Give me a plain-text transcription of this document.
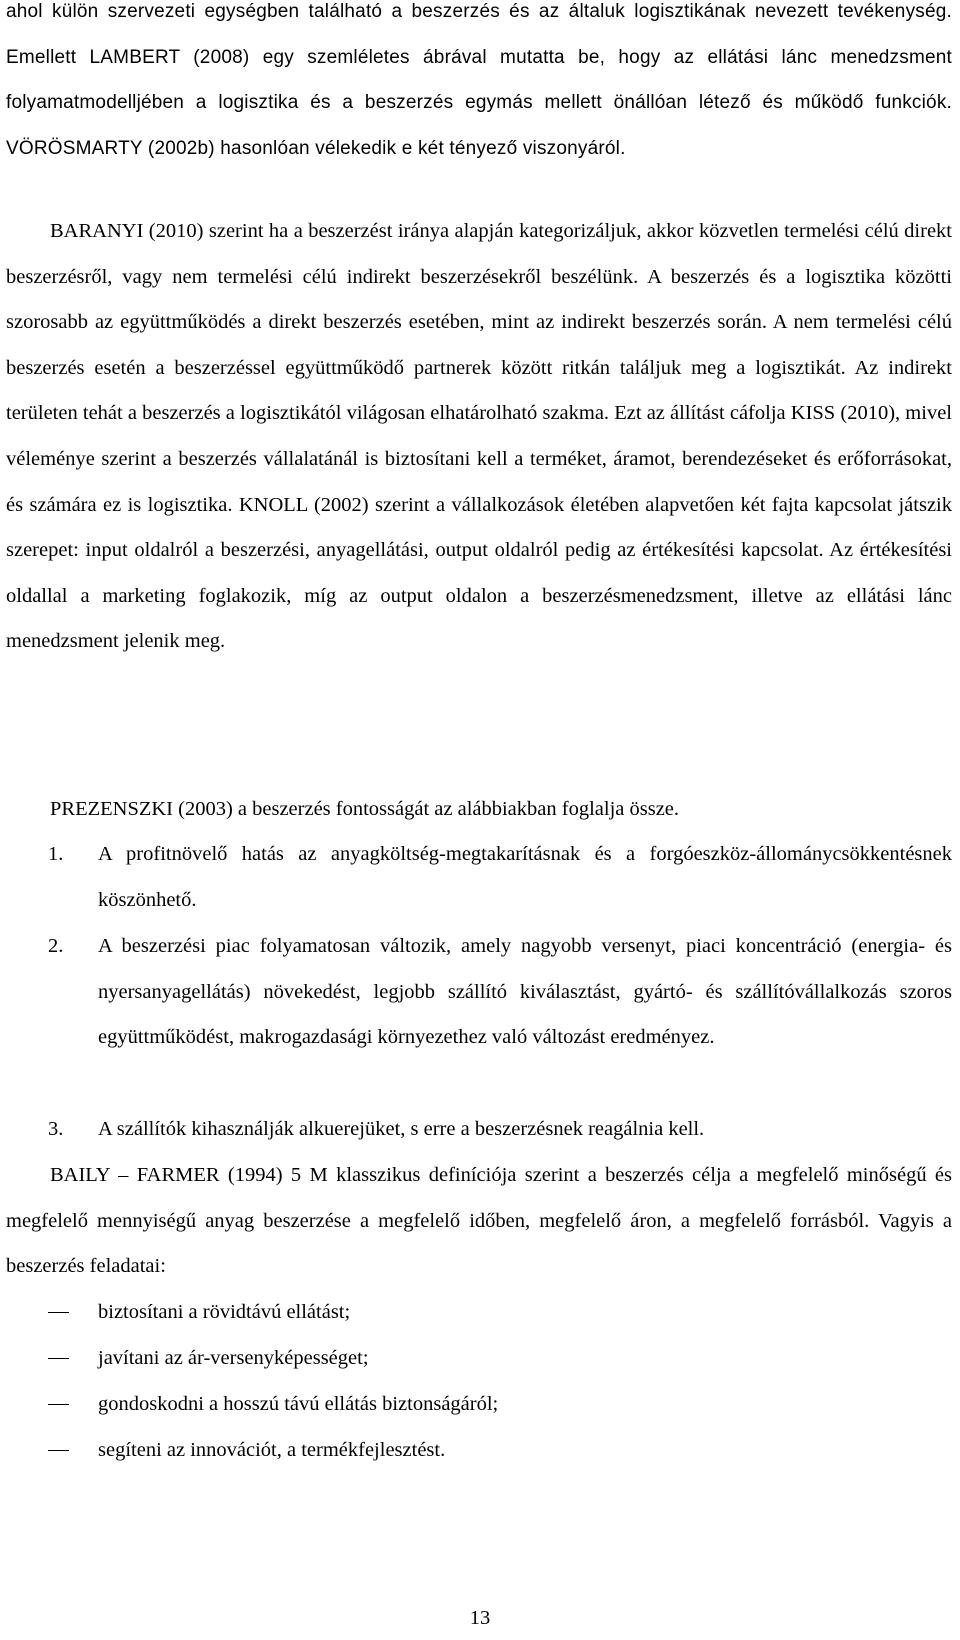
ahol külön szervezeti egységben található a beszerzés és az általuk logisztikának nevezett tevékenység. Emellett LAMBERT (2008) egy szemléletes ábrával mutatta be, hogy az ellátási lánc menedzsment folyamatmodelljében a logisztika és a beszerzés egymás mellett önállóan létező és működő funkciók. VÖRÖSMARTY (2002b) hasonlóan vélekedik e két tényező viszonyáról.

BARANYI (2010) szerint ha a beszerzést iránya alapján kategorizáljuk, akkor közvetlen termelési célú direkt beszerzésről, vagy nem termelési célú indirekt beszerzésekről beszélünk. A beszerzés és a logisztika közötti szorosabb az együttműködés a direkt beszerzés esetében, mint az indirekt beszerzés során. A nem termelési célú beszerzés esetén a beszerzéssel együttműködő partnerek között ritkán találjuk meg a logisztikát. Az indirekt területen tehát a beszerzés a logisztikától világosan elhatárolható szakma. Ezt az állítást cáfolja KISS (2010), mivel véleménye szerint a beszerzés vállalatánál is biztosítani kell a terméket, áramot, berendezéseket és erőforrásokat, és számára ez is logisztika. KNOLL (2002) szerint a vállalkozások életében alapvetően két fajta kapcsolat játszik szerepet: input oldalról a beszerzési, anyagellátási, output oldalról pedig az értékesítési kapcsolat. Az értékesítési oldallal a marketing foglakozik, míg az output oldalon a beszerzésmenedzsment, illetve az ellátási lánc menedzsment jelenik meg.

PREZENSZKI (2003) a beszerzés fontosságát az alábbiakban foglalja össze.

1. A profitnövelő hatás az anyagköltség-megtakarításnak és a forgóeszköz-állománycsökkentésnek köszönhető.

2. A beszerzési piac folyamatosan változik, amely nagyobb versenyt, piaci koncentráció (energia- és nyersanyagellátás) növekedést, legjobb szállító kiválasztást, gyártó- és szállítóvállalkozás szoros együttműködést, makrogazdasági környezethez való változást eredményez.

3. A szállítók kihasználják alkuerejüket, s erre a beszerzésnek reagálnia kell.

BAILY – FARMER (1994) 5 M klasszikus definíciója szerint a beszerzés célja a megfelelő minőségű és megfelelő mennyiségű anyag beszerzése a megfelelő időben, megfelelő áron, a megfelelő forrásból. Vagyis a beszerzés feladatai:

biztosítani a rövidtávú ellátást;
javítani az ár-versenyképességet;
gondoskodni a hosszú távú ellátás biztonságáról;
segíteni az innovációt, a termékfejlesztést.
13
